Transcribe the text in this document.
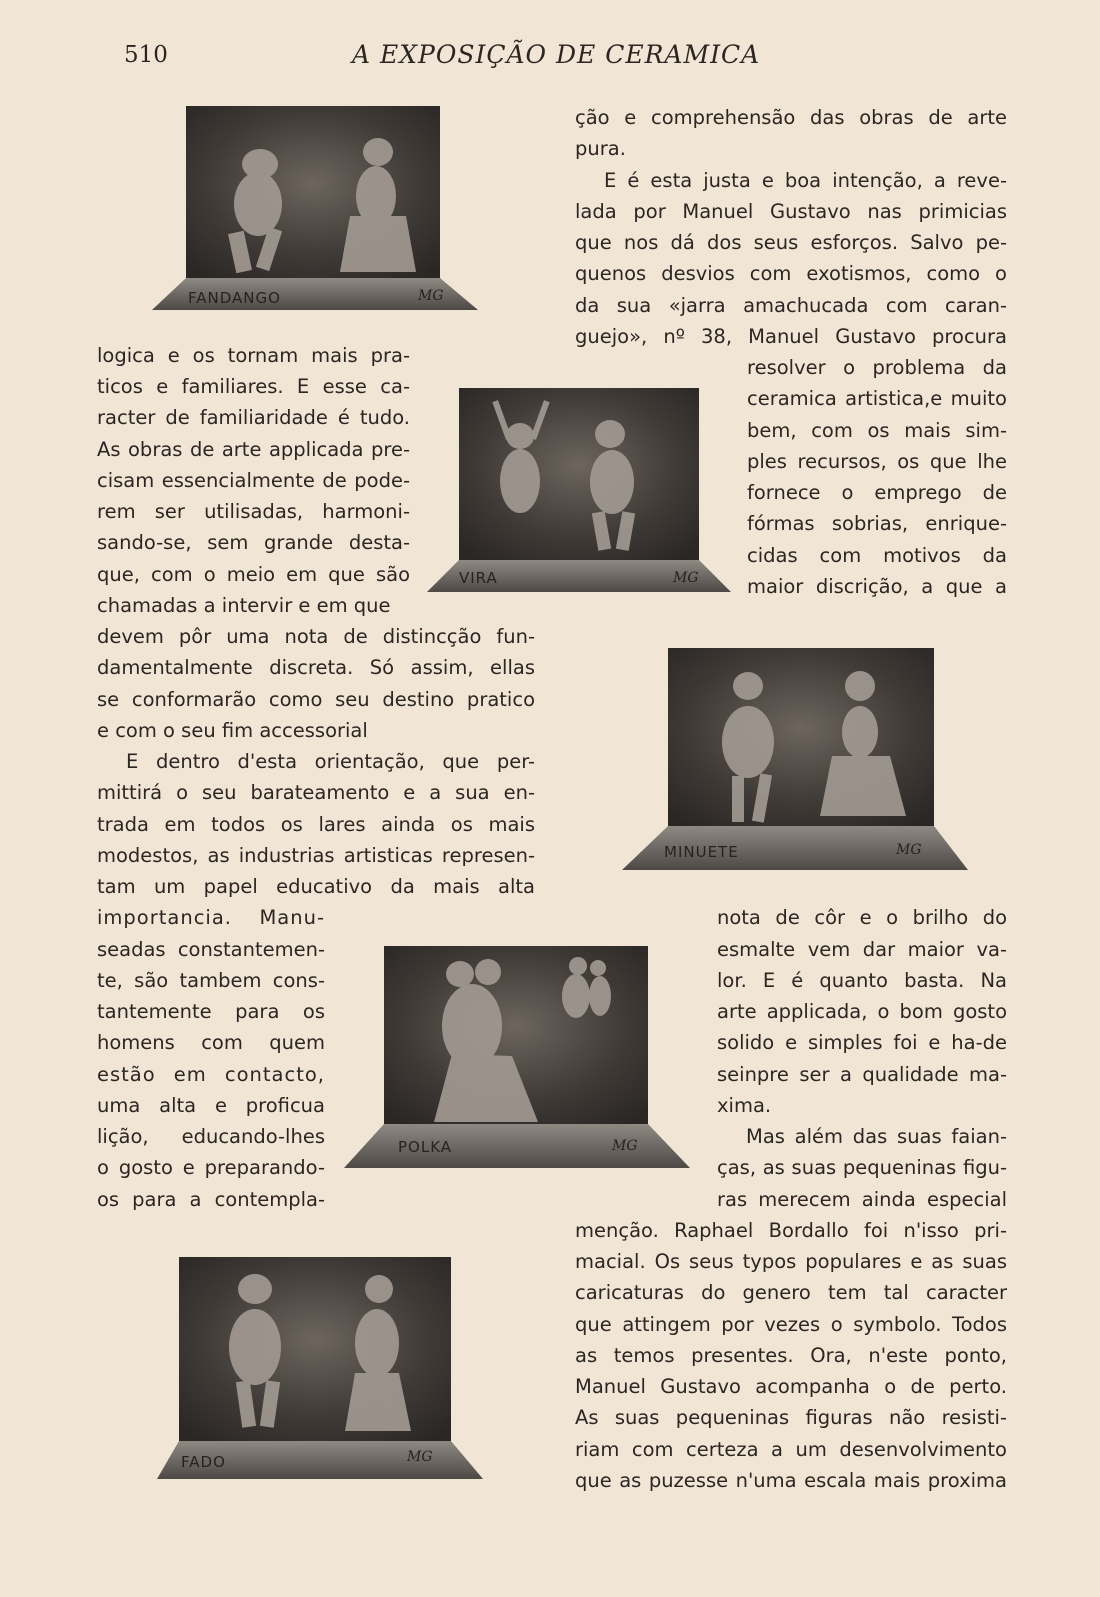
510	A EXPOSIÇÃO DE CERAMICA
FANDANGO	MG
VIRA	MG
MINUETE	MG
POLKA	MG
FADO	MG
ção e comprehensão das obras de arte
pura.
E é esta justa e boa intenção, a reve-
lada por Manuel Gustavo nas primicias
que nos dá dos seus esforços. Salvo pe-
quenos desvios com exotismos, como o
da sua «jarra amachucada com caran-
guejo», nº 38, Manuel Gustavo procura
resolver o problema da
ceramica artistica,e muito
bem, com os mais sim-
ples recursos, os que lhe
fornece o emprego de
fórmas sobrias, enrique-
cidas com motivos da
maior discrição, a que a
logica e os tornam mais pra-
ticos e familiares. E esse ca-
racter de familiaridade é tudo.
As obras de arte applicada pre-
cisam essencialmente de pode-
rem ser utilisadas, harmoni-
sando-se, sem grande desta-
que, com o meio em que são
chamadas a intervir e em que
devem pôr uma nota de distincção fun-
damentalmente discreta. Só assim, ellas
se conformarão como seu destino pratico
e com o seu fim accessorial
E dentro d'esta orientação, que per-
mittirá o seu barateamento e a sua en-
trada em todos os lares ainda os mais
modestos, as industrias artisticas represen-
tam um papel educativo da mais alta
importancia. Manu-
seadas constantemen-
te, são tambem cons-
tantemente para os
homens com quem
estão em contacto,
uma alta e proficua
lição, educando-lhes
o gosto e preparando-
os para a contempla-
nota de côr e o brilho do
esmalte vem dar maior va-
lor. E é quanto basta. Na
arte applicada, o bom gosto
solido e simples foi e ha-de
seinpre ser a qualidade ma-
xima.
Mas além das suas faian-
ças, as suas pequeninas figu-
ras merecem ainda especial
menção. Raphael Bordallo foi n'isso pri-
macial. Os seus typos populares e as suas
caricaturas do genero tem tal caracter
que attingem por vezes o symbolo. Todos
as temos presentes. Ora, n'este ponto,
Manuel Gustavo acompanha o de perto.
As suas pequeninas figuras não resisti-
riam com certeza a um desenvolvimento
que as puzesse n'uma escala mais proxima
